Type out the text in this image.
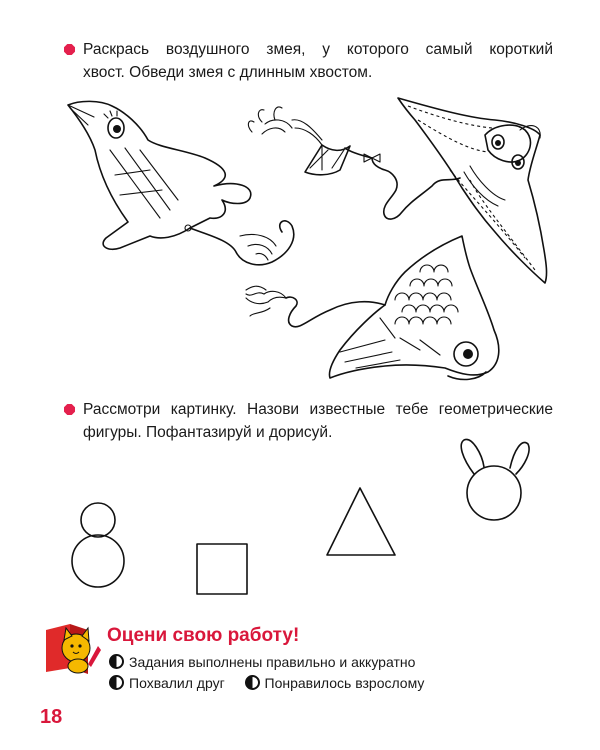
Раскрась воздушного змея, у которого самый короткий
хвост. Обведи змея с длинным хвостом.
Рассмотри картинку. Назови известные тебе геометрические
фигуры. Пофантазируй и дорисуй.
Оцени свою работу!
Задания выполнены правильно и аккуратно
Похвалил друг	Понравилось взрослому
18
